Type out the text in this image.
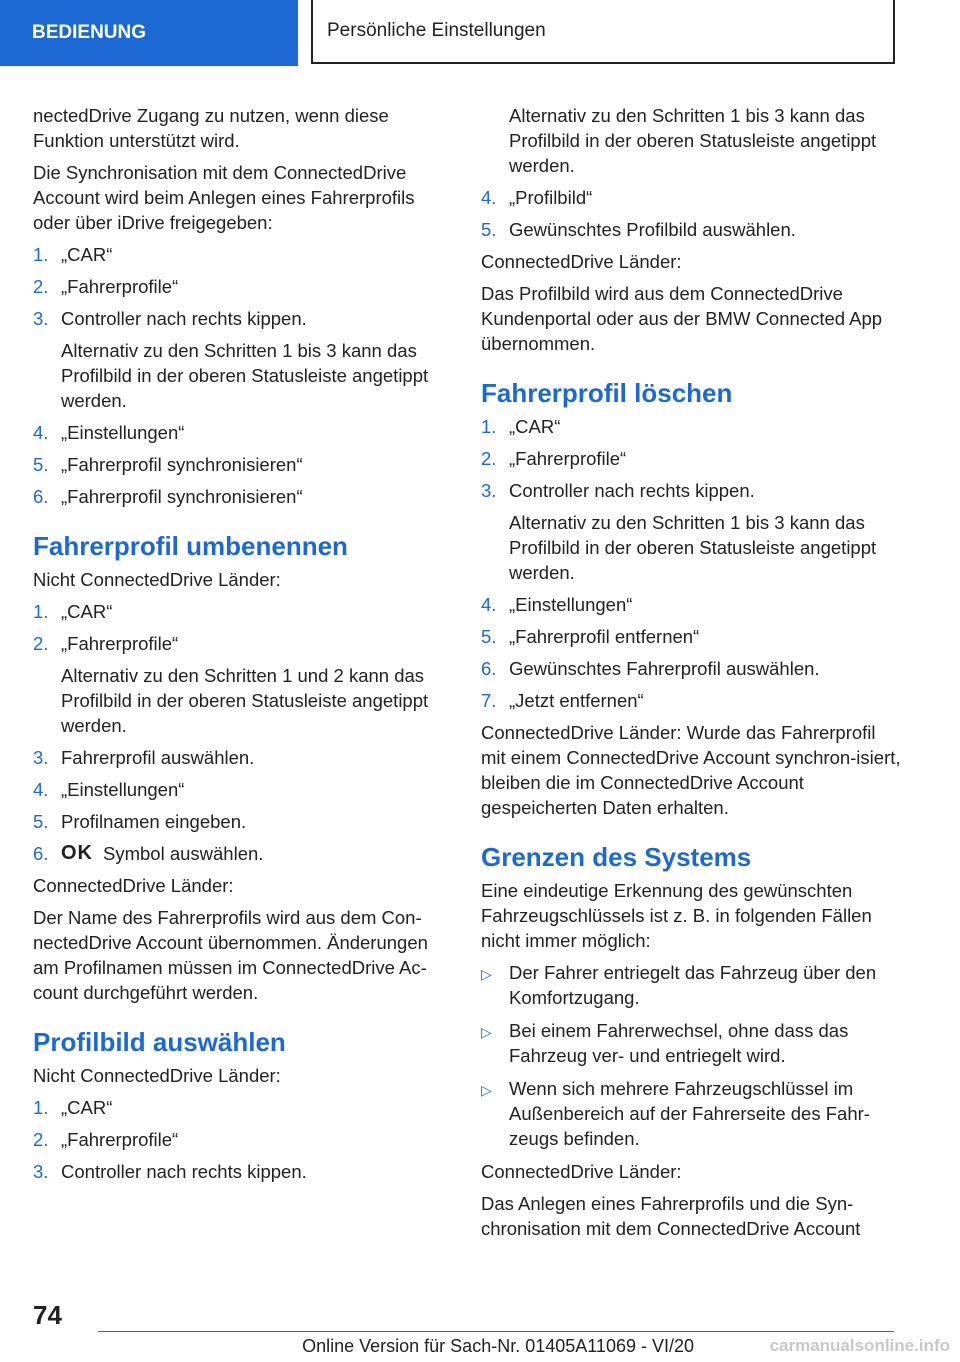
BEDIENUNG	Persönliche Einstellungen
nectedDrive Zugang zu nutzen, wenn diese Funktion unterstützt wird.
Die Synchronisation mit dem ConnectedDrive Account wird beim Anlegen eines Fahrerprofils oder über iDrive freigegeben:
1. „CAR“
2. „Fahrerprofile“
3. Controller nach rechts kippen.
Alternativ zu den Schritten 1 bis 3 kann das Profilbild in der oberen Statusleiste angetippt werden.
4. „Einstellungen“
5. „Fahrerprofil synchronisieren“
6. „Fahrerprofil synchronisieren“
Fahrerprofil umbenennen
Nicht ConnectedDrive Länder:
1. „CAR“
2. „Fahrerprofile“
Alternativ zu den Schritten 1 und 2 kann das Profilbild in der oberen Statusleiste angetippt werden.
3. Fahrerprofil auswählen.
4. „Einstellungen“
5. Profilnamen eingeben.
6. OK Symbol auswählen.
ConnectedDrive Länder:
Der Name des Fahrerprofils wird aus dem Con-nectedDrive Account übernommen. Änderungen am Profilnamen müssen im ConnectedDrive Ac-count durchgeführt werden.
Profilbild auswählen
Nicht ConnectedDrive Länder:
1. „CAR“
2. „Fahrerprofile“
3. Controller nach rechts kippen.
Alternativ zu den Schritten 1 bis 3 kann das Profilbild in der oberen Statusleiste angetippt werden.
4. „Profilbild“
5. Gewünschtes Profilbild auswählen.
ConnectedDrive Länder:
Das Profilbild wird aus dem ConnectedDrive Kundenportal oder aus der BMW Connected App übernommen.
Fahrerprofil löschen
1. „CAR“
2. „Fahrerprofile“
3. Controller nach rechts kippen.
Alternativ zu den Schritten 1 bis 3 kann das Profilbild in der oberen Statusleiste angetippt werden.
4. „Einstellungen“
5. „Fahrerprofil entfernen“
6. Gewünschtes Fahrerprofil auswählen.
7. „Jetzt entfernen“
ConnectedDrive Länder: Wurde das Fahrerprofil mit einem ConnectedDrive Account synchron-isiert, bleiben die im ConnectedDrive Account gespeicherten Daten erhalten.
Grenzen des Systems
Eine eindeutige Erkennung des gewünschten Fahrzeugschlüssels ist z. B. in folgenden Fällen nicht immer möglich:
▷ Der Fahrer entriegelt das Fahrzeug über den Komfortzugang.
▷ Bei einem Fahrerwechsel, ohne dass das Fahrzeug ver- und entriegelt wird.
▷ Wenn sich mehrere Fahrzeugschlüssel im Außenbereich auf der Fahrerseite des Fahr-zeugs befinden.
ConnectedDrive Länder:
Das Anlegen eines Fahrerprofils und die Syn-chronisation mit dem ConnectedDrive Account
74
Online Version für Sach-Nr. 01405A11069 - VI/20	carmanualsonline.info
